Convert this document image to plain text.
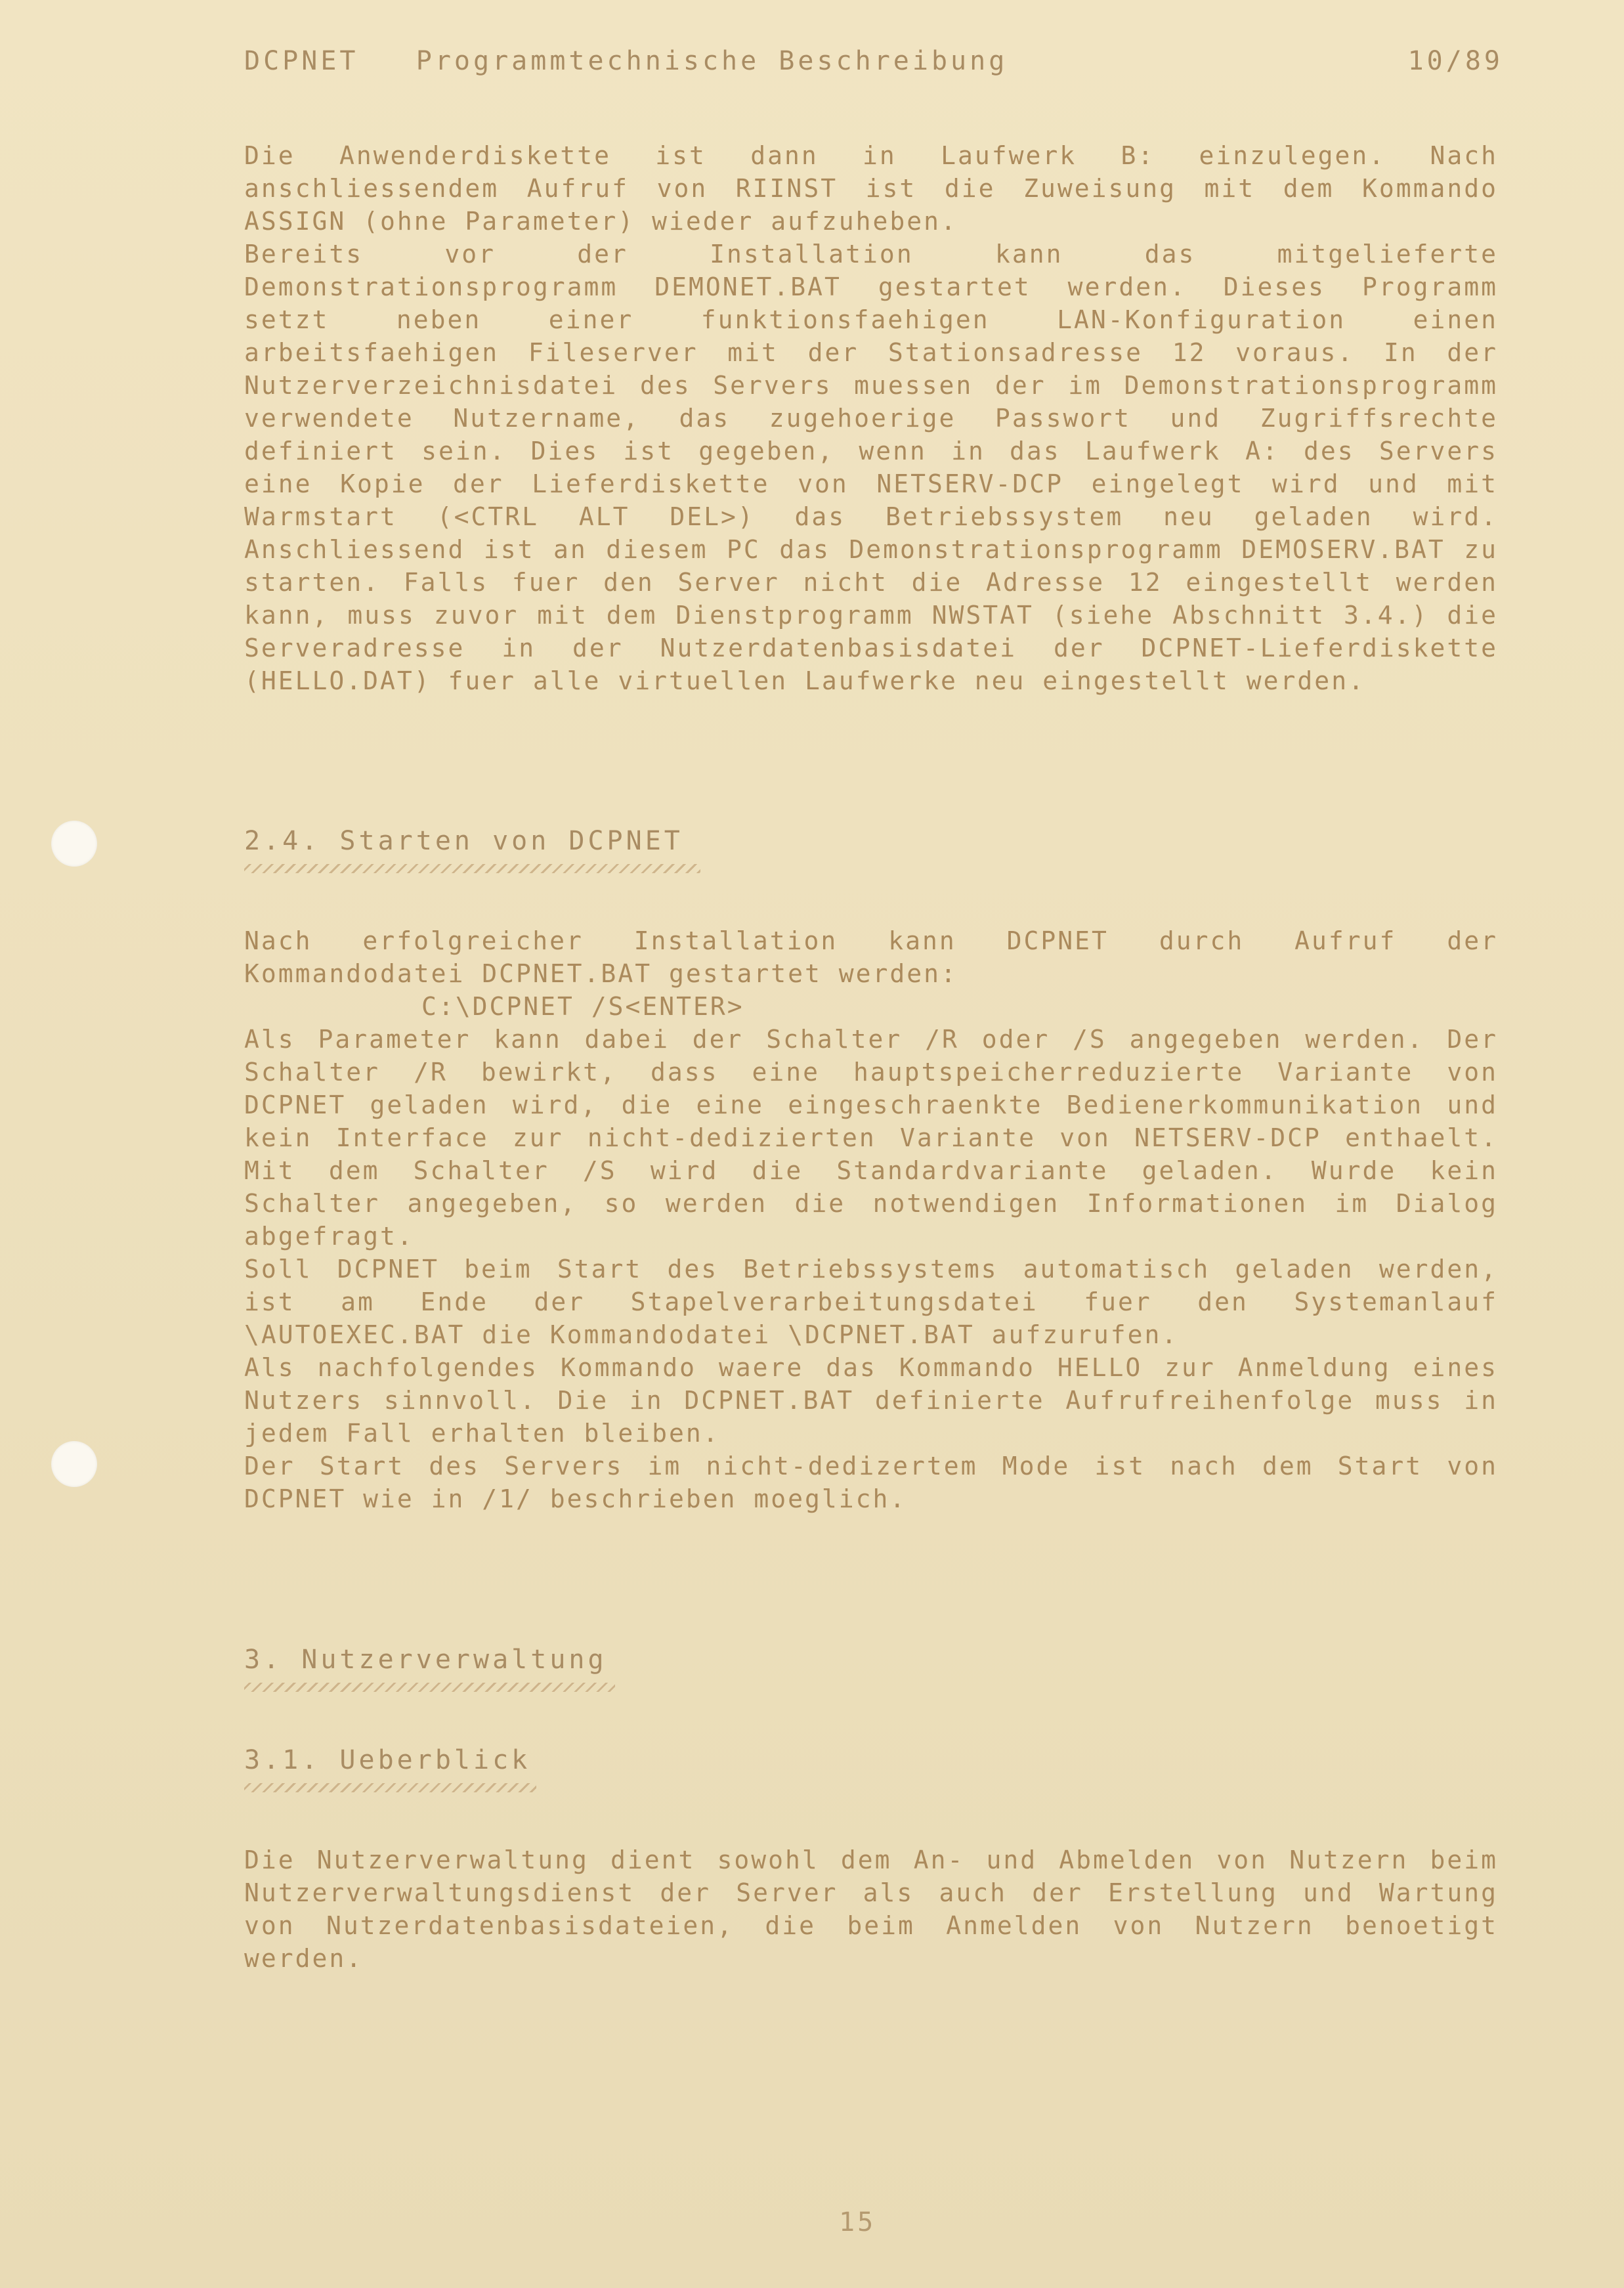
DCPNET   Programmtechnische Beschreibung	10/89

Die Anwenderdiskette ist dann in Laufwerk B: einzulegen. Nach anschliessendem Aufruf von RIINST ist die Zuweisung mit dem Kommando ASSIGN (ohne Parameter) wieder aufzuheben.

Bereits vor der Installation kann das mitgelieferte Demonstrationsprogramm DEMONET.BAT gestartet werden. Dieses Programm setzt neben einer funktionsfaehigen LAN-Konfiguration einen arbeitsfaehigen Fileserver mit der Stationsadresse 12 voraus. In der Nutzerverzeichnisdatei des Servers muessen der im Demonstrationsprogramm verwendete Nutzername, das zugehoerige Passwort und Zugriffsrechte definiert sein. Dies ist gegeben, wenn in das Laufwerk A: des Servers eine Kopie der Lieferdiskette von NETSERV-DCP eingelegt wird und mit Warmstart (<CTRL ALT DEL>) das Betriebssystem neu geladen wird. Anschliessend ist an diesem PC das Demonstrationsprogramm DEMOSERV.BAT zu starten. Falls fuer den Server nicht die Adresse 12 eingestellt werden kann, muss zuvor mit dem Dienstprogramm NWSTAT (siehe Abschnitt 3.4.) die Serveradresse in der Nutzerdatenbasisdatei der DCPNET-Lieferdiskette (HELLO.DAT) fuer alle virtuellen Laufwerke neu eingestellt werden.

2.4. Starten von DCPNET

Nach erfolgreicher Installation kann DCPNET durch Aufruf der Kommandodatei DCPNET.BAT gestartet werden:

C:\DCPNET /S<ENTER>

Als Parameter kann dabei der Schalter /R oder /S angegeben werden. Der Schalter /R bewirkt, dass eine hauptspeicherreduzierte Variante von DCPNET geladen wird, die eine eingeschraenkte Bedienerkommunikation und kein Interface zur nicht-dedizierten Variante von NETSERV-DCP enthaelt. Mit dem Schalter /S wird die Standardvariante geladen. Wurde kein Schalter angegeben, so werden die notwendigen Informationen im Dialog abgefragt.

Soll DCPNET beim Start des Betriebssystems automatisch geladen werden, ist am Ende der Stapelverarbeitungsdatei fuer den Systemanlauf \AUTOEXEC.BAT die Kommandodatei \DCPNET.BAT aufzurufen.

Als nachfolgendes Kommando waere das Kommando HELLO zur Anmeldung eines Nutzers sinnvoll. Die in DCPNET.BAT definierte Aufrufreihenfolge muss in jedem Fall erhalten bleiben.

Der Start des Servers im nicht-dedizertem Mode ist nach dem Start von DCPNET wie in /1/ beschrieben moeglich.

3. Nutzerverwaltung
3.1. Ueberblick

Die Nutzerverwaltung dient sowohl dem An- und Abmelden von Nutzern beim Nutzerverwaltungsdienst der Server als auch der Erstellung und Wartung von Nutzerdatenbasisdateien, die beim Anmelden von Nutzern benoetigt werden.

15
